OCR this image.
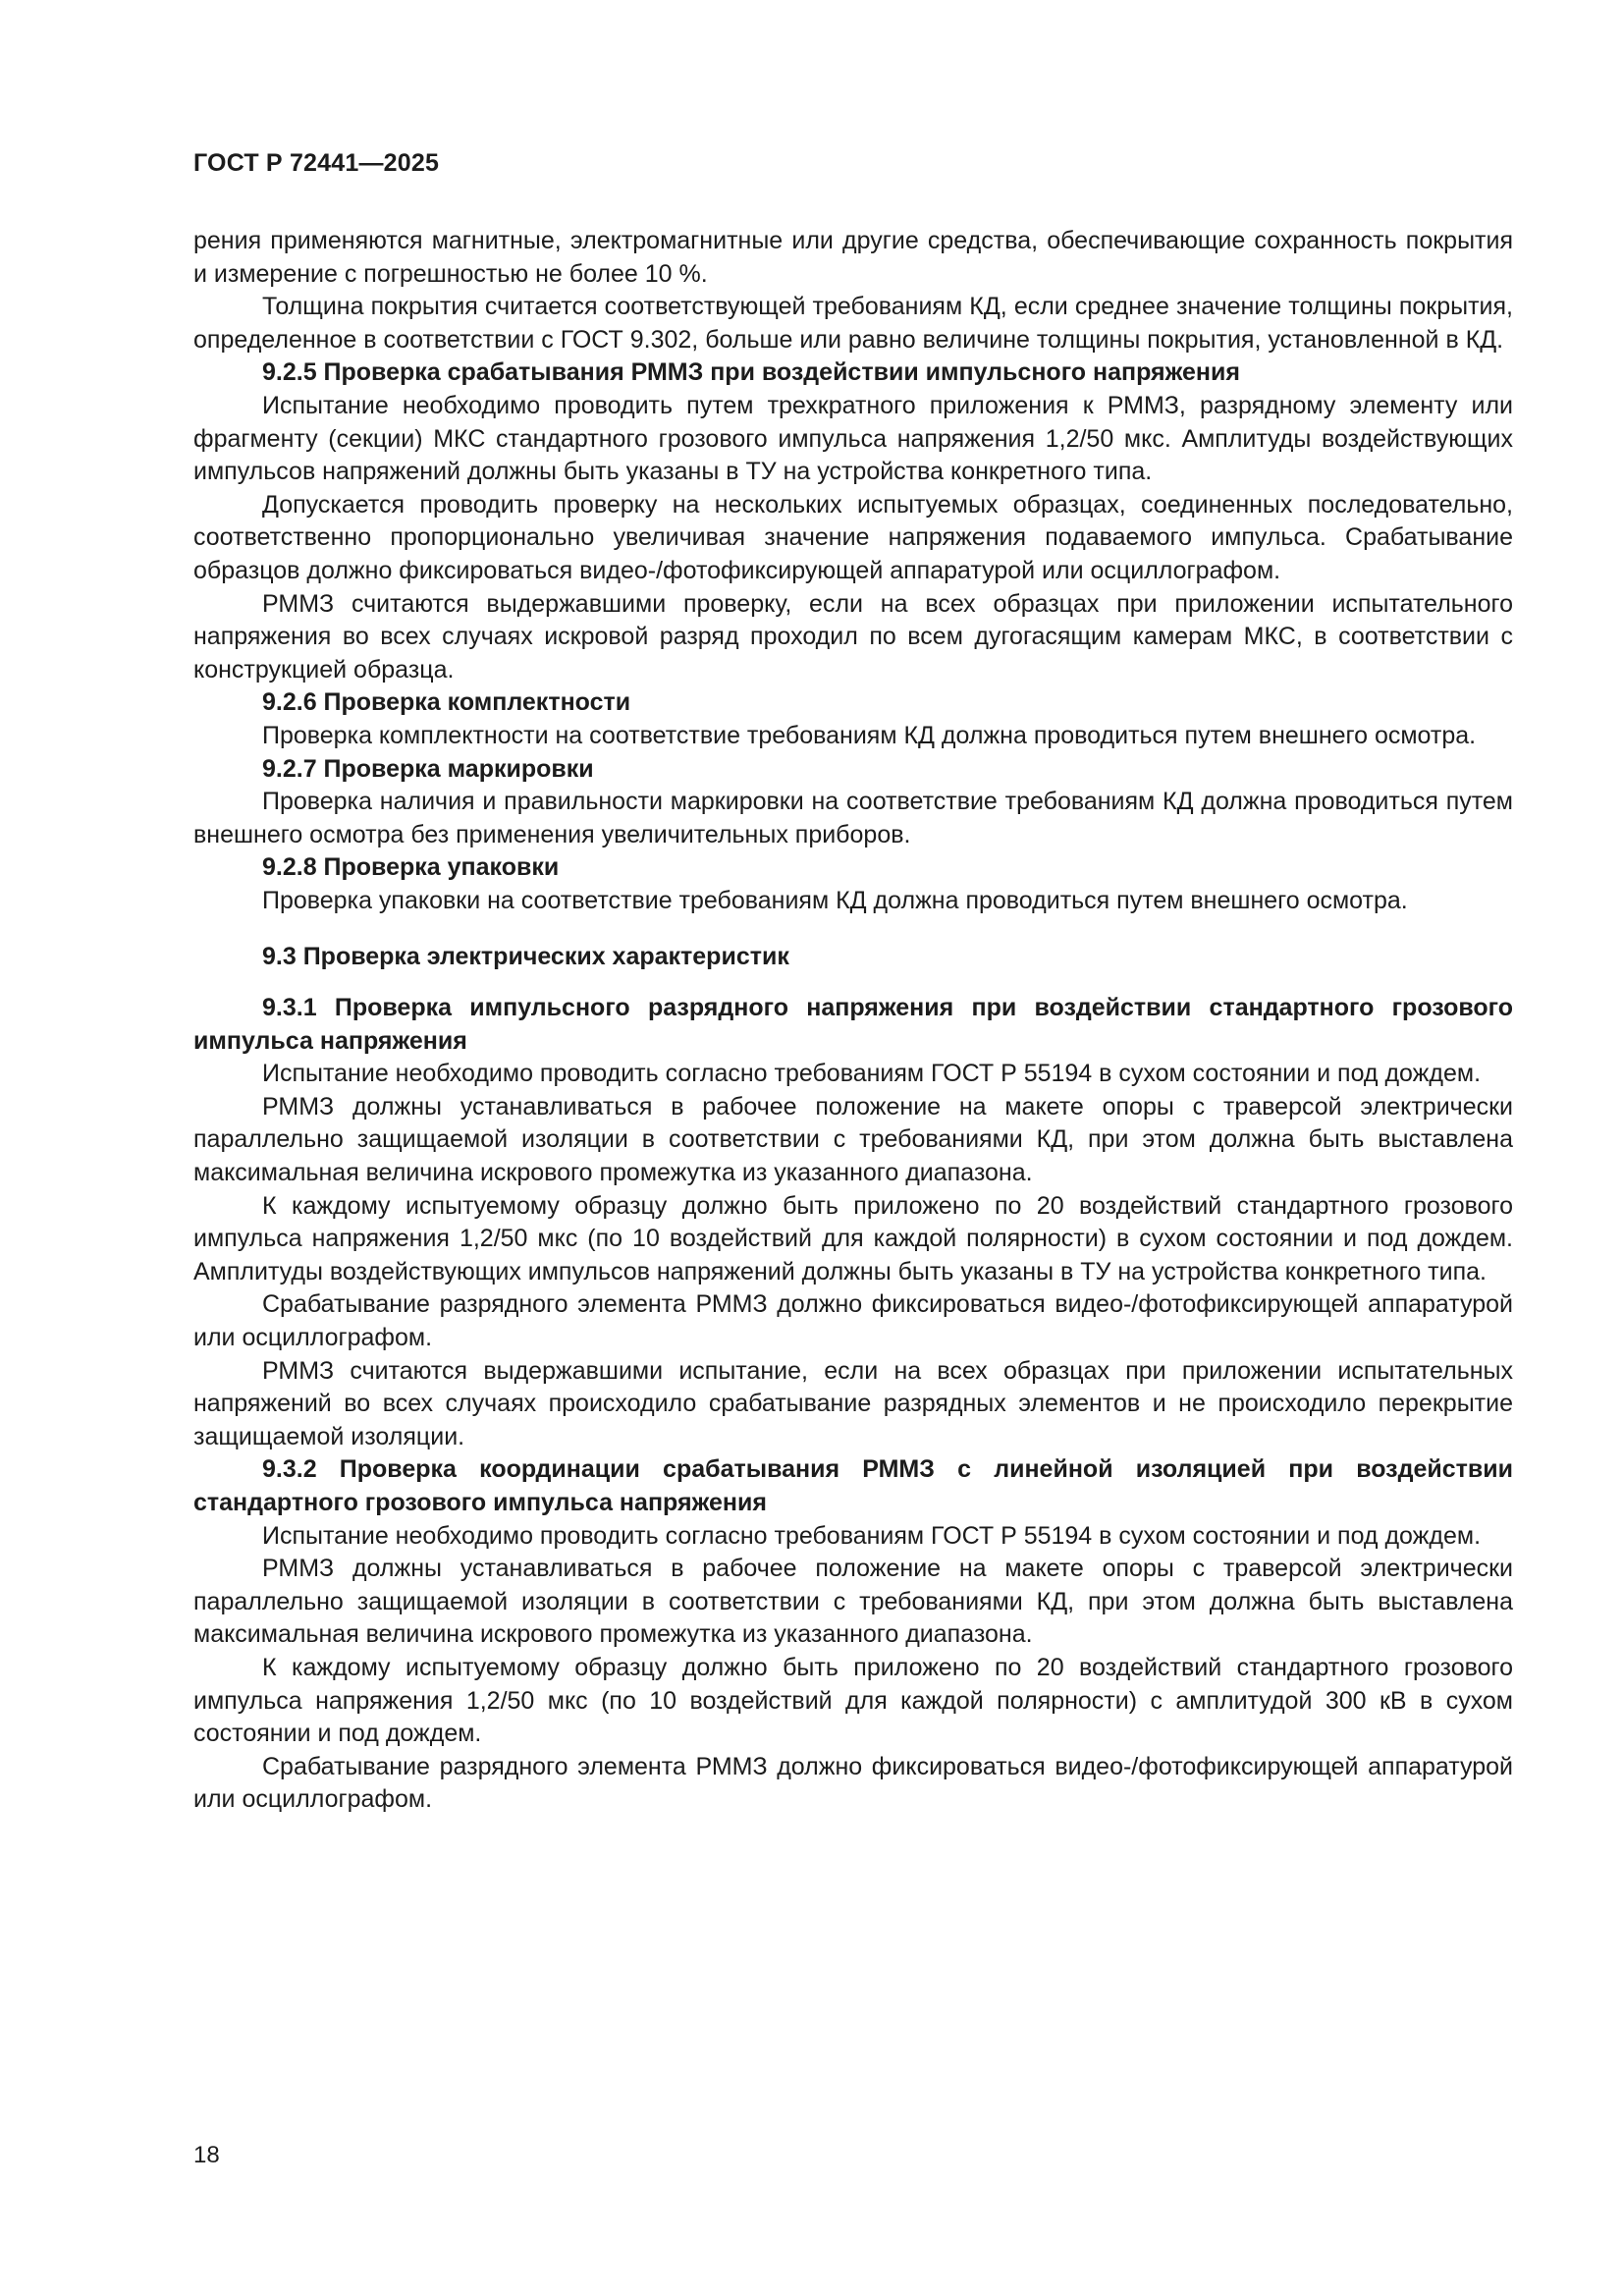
ГОСТ Р 72441—2025

рения применяются магнитные, электромагнитные или другие средства, обеспечивающие сохранность покрытия и измерение с погрешностью не более 10 %.

Толщина покрытия считается соответствующей требованиям КД, если среднее значение толщины покрытия, определенное в соответствии с ГОСТ 9.302, больше или равно величине толщины покрытия, установленной в КД.

9.2.5 Проверка срабатывания РММЗ при воздействии импульсного напряжения

Испытание необходимо проводить путем трехкратного приложения к РММЗ, разрядному элементу или фрагменту (секции) МКС стандартного грозового импульса напряжения 1,2/50 мкс. Амплитуды воздействующих импульсов напряжений должны быть указаны в ТУ на устройства конкретного типа.

Допускается проводить проверку на нескольких испытуемых образцах, соединенных последовательно, соответственно пропорционально увеличивая значение напряжения подаваемого импульса. Срабатывание образцов должно фиксироваться видео-/фотофиксирующей аппаратурой или осциллографом.

РММЗ считаются выдержавшими проверку, если на всех образцах при приложении испытательного напряжения во всех случаях искровой разряд проходил по всем дугогасящим камерам МКС, в соответствии с конструкцией образца.

9.2.6 Проверка комплектности

Проверка комплектности на соответствие требованиям КД должна проводиться путем внешнего осмотра.

9.2.7 Проверка маркировки

Проверка наличия и правильности маркировки на соответствие требованиям КД должна проводиться путем внешнего осмотра без применения увеличительных приборов.

9.2.8 Проверка упаковки

Проверка упаковки на соответствие требованиям КД должна проводиться путем внешнего осмотра.

9.3 Проверка электрических характеристик

9.3.1 Проверка импульсного разрядного напряжения при воздействии стандартного грозового импульса напряжения

Испытание необходимо проводить согласно требованиям ГОСТ Р 55194 в сухом состоянии и под дождем.

РММЗ должны устанавливаться в рабочее положение на макете опоры с траверсой электрически параллельно защищаемой изоляции в соответствии с требованиями КД, при этом должна быть выставлена максимальная величина искрового промежутка из указанного диапазона.

К каждому испытуемому образцу должно быть приложено по 20 воздействий стандартного грозового импульса напряжения 1,2/50 мкс (по 10 воздействий для каждой полярности) в сухом состоянии и под дождем. Амплитуды воздействующих импульсов напряжений должны быть указаны в ТУ на устройства конкретного типа.

Срабатывание разрядного элемента РММЗ должно фиксироваться видео-/фотофиксирующей аппаратурой или осциллографом.

РММЗ считаются выдержавшими испытание, если на всех образцах при приложении испытательных напряжений во всех случаях происходило срабатывание разрядных элементов и не происходило перекрытие защищаемой изоляции.

9.3.2 Проверка координации срабатывания РММЗ с линейной изоляцией при воздействии стандартного грозового импульса напряжения

Испытание необходимо проводить согласно требованиям ГОСТ Р 55194 в сухом состоянии и под дождем.

РММЗ должны устанавливаться в рабочее положение на макете опоры с траверсой электрически параллельно защищаемой изоляции в соответствии с требованиями КД, при этом должна быть выставлена максимальная величина искрового промежутка из указанного диапазона.

К каждому испытуемому образцу должно быть приложено по 20 воздействий стандартного грозового импульса напряжения 1,2/50 мкс (по 10 воздействий для каждой полярности) с амплитудой 300 кВ в сухом состоянии и под дождем.

Срабатывание разрядного элемента РММЗ должно фиксироваться видео-/фотофиксирующей аппаратурой или осциллографом.

18
